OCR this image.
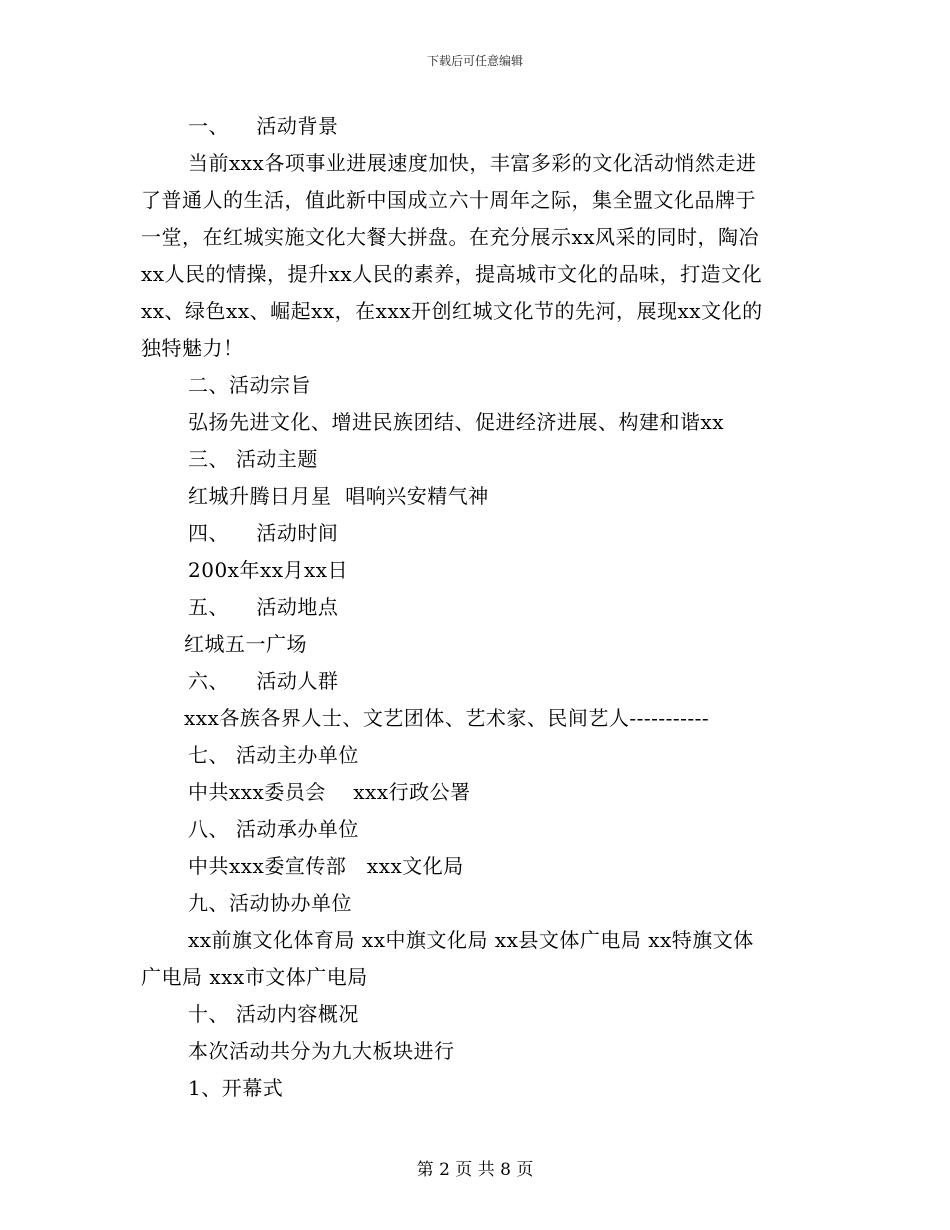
下载后可任意编辑
一、    活动背景
当前xxx各项事业进展速度加快，丰富多彩的文化活动悄然走进
了普通人的生活，值此新中国成立六十周年之际，集全盟文化品牌于
一堂，在红城实施文化大餐大拼盘。在充分展示xx风采的同时，陶冶
xx人民的情操，提升xx人民的素养，提高城市文化的品味，打造文化
xx、绿色xx、崛起xx，在xxx开创红城文化节的先河，展现xx文化的
独特魅力！
二、活动宗旨
弘扬先进文化、增进民族团结、促进经济进展、构建和谐xx
三、 活动主题
红城升腾日月星  唱响兴安精气神
四、    活动时间
200x年xx月xx日
五、    活动地点
红城五一广场
六、    活动人群
xxx各族各界人士、文艺团体、艺术家、民间艺人-----------
七、 活动主办单位
中共xxx委员会    xxx行政公署
八、 活动承办单位
中共xxx委宣传部   xxx文化局
九、活动协办单位
xx前旗文化体育局 xx中旗文化局 xx县文体广电局 xx特旗文体
广电局 xxx市文体广电局
十、 活动内容概况
本次活动共分为九大板块进行
1、开幕式
第 2 页 共 8 页
